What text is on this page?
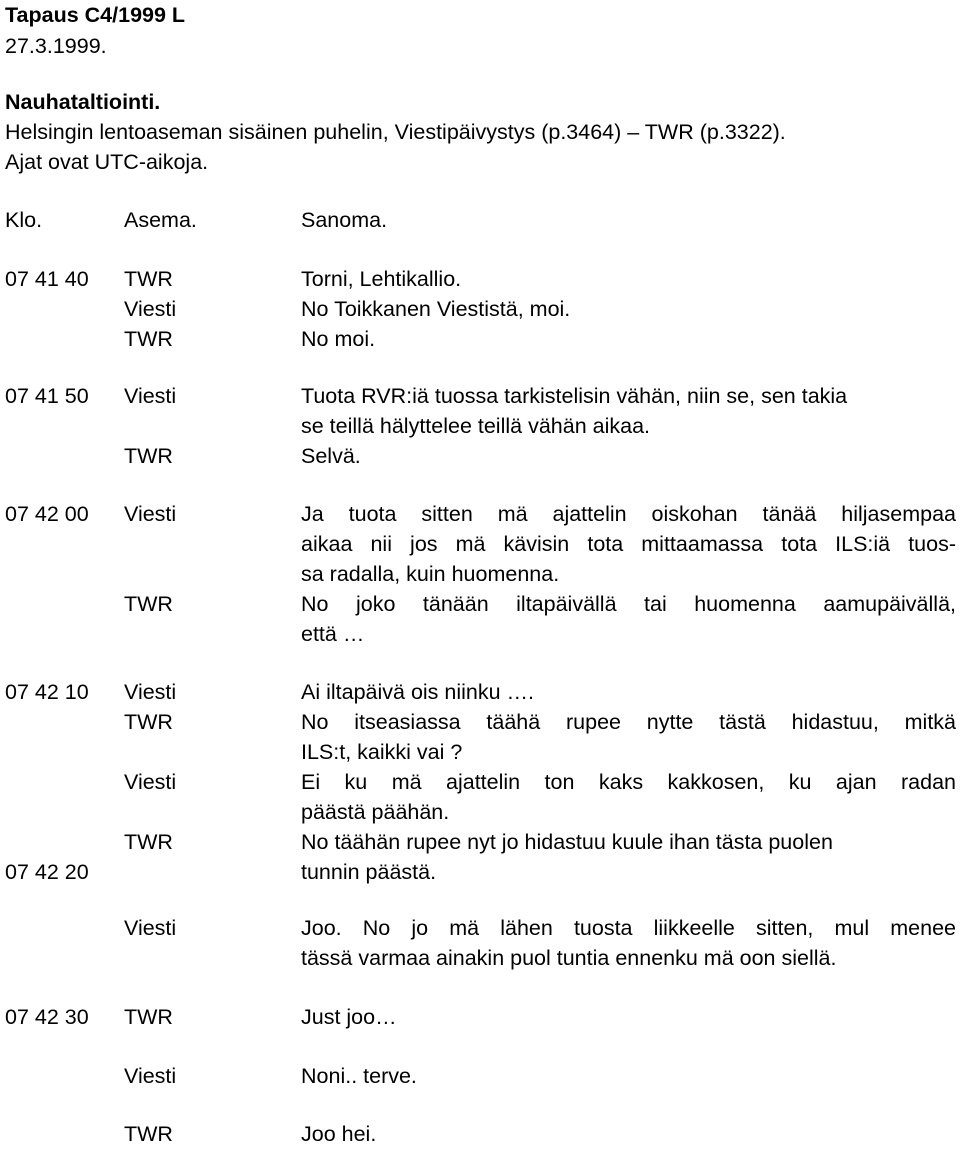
Tapaus C4/1999 L
27.3.1999.
Nauhataltiointi.
Helsingin lentoaseman sisäinen puhelin, Viestipäivystys (p.3464) – TWR (p.3322).
Ajat ovat UTC-aikoja.
Klo.	Asema.	Sanoma.
07 41 40 TWR	Torni, Lehtikallio.
Viesti	No Toikkanen Viestistä, moi.
TWR	No moi.
07 41 50 Viesti	Tuota RVR:iä tuossa tarkistelisin vähän, niin se, sen takia
se teillä hälyttelee teillä vähän aikaa.
TWR	Selvä.
07 42 00 Viesti	Ja tuota sitten mä ajattelin oiskohan tänää hiljasempaa
aikaa nii jos mä kävisin tota mittaamassa tota ILS:iä tuos-
sa radalla, kuin huomenna.
TWR	No joko tänään iltapäivällä tai huomenna aamupäivällä,
että …
07 42 10 Viesti	Ai iltapäivä ois niinku ….
TWR	No itseasiassa täähä rupee nytte tästä hidastuu, mitkä
ILS:t, kaikki vai ?
Viesti	Ei ku mä ajattelin ton kaks kakkosen, ku ajan radan
päästä päähän.
TWR	No täähän rupee nyt jo hidastuu kuule ihan tästa puolen
07 42 20	tunnin päästä.
Viesti	Joo. No jo mä lähen tuosta liikkeelle sitten, mul menee
tässä varmaa ainakin puol tuntia ennenku mä oon siellä.
07 42 30 TWR	Just joo…
Viesti	Noni.. terve.
TWR	Joo hei.
